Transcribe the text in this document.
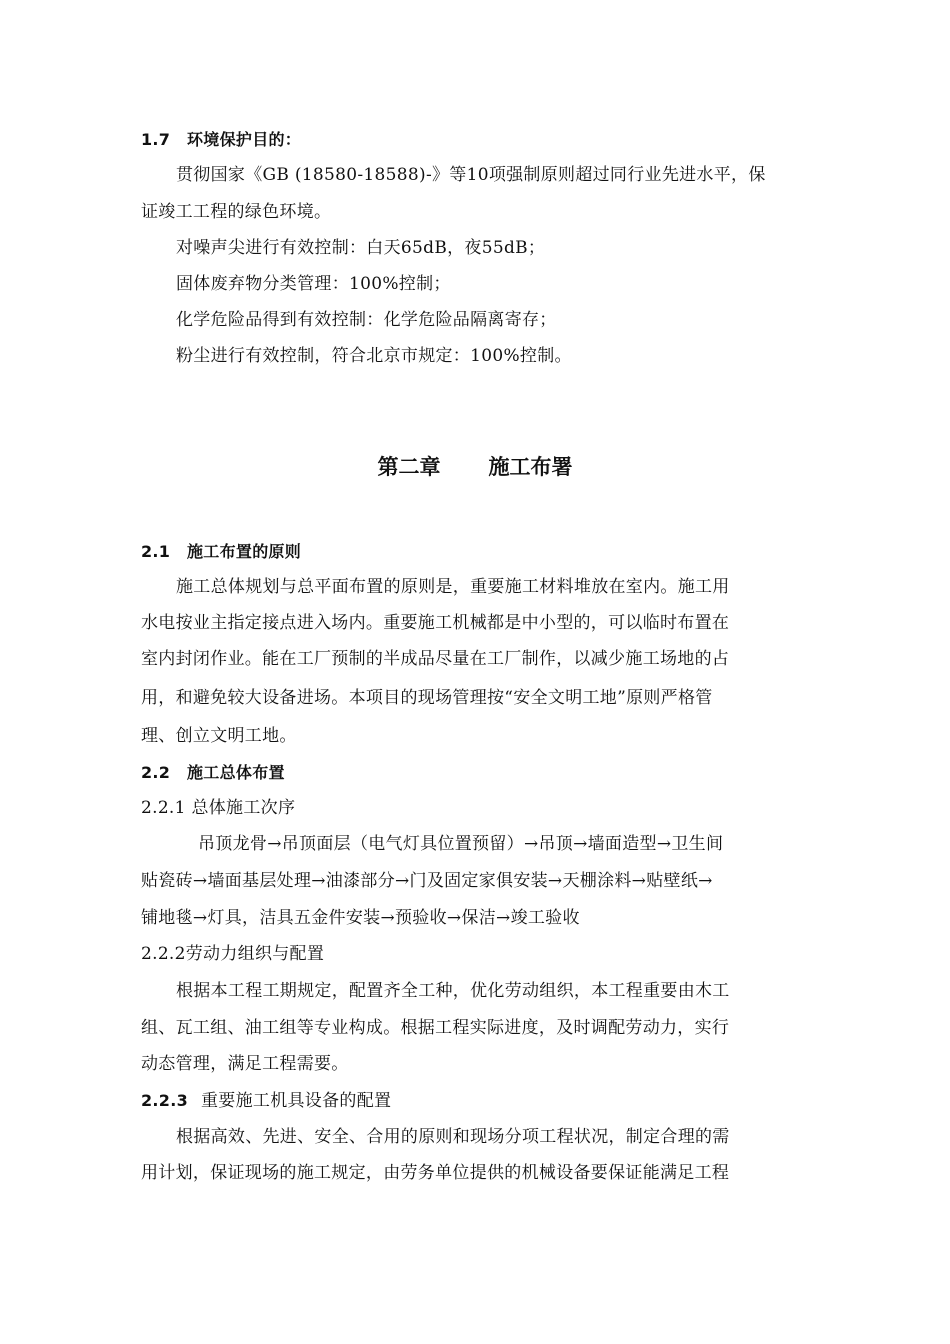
1.7 环境保护目的：
贯彻国家《GB (18580-18588)-》等10项强制原则超过同行业先进水平，保
证竣工工程的绿色环境。
对噪声尖进行有效控制：白天65dB，夜55dB；
固体废弃物分类管理：100%控制；
化学危险品得到有效控制：化学危险品隔离寄存；
粉尘进行有效控制，符合北京市规定：100%控制。
第二章 施工布署
2.1 施工布置的原则
施工总体规划与总平面布置的原则是，重要施工材料堆放在室内。施工用
水电按业主指定接点进入场内。重要施工机械都是中小型的，可以临时布置在
室内封闭作业。能在工厂预制的半成品尽量在工厂制作，以减少施工场地的占
用，和避免较大设备进场。本项目的现场管理按“安全文明工地”原则严格管
理、创立文明工地。
2.2 施工总体布置
2.2.1 总体施工次序
吊顶龙骨→吊顶面层（电气灯具位置预留）→吊顶→墙面造型→卫生间
贴瓷砖→墙面基层处理→油漆部分→门及固定家俱安装→天棚涂料→贴壁纸→
铺地毯→灯具，洁具五金件安装→预验收→保洁→竣工验收
2.2.2劳动力组织与配置
根据本工程工期规定，配置齐全工种，优化劳动组织，本工程重要由木工
组、瓦工组、油工组等专业构成。根据工程实际进度，及时调配劳动力，实行
动态管理，满足工程需要。
2.2.3 重要施工机具设备的配置
根据高效、先进、安全、合用的原则和现场分项工程状况，制定合理的需
用计划，保证现场的施工规定，由劳务单位提供的机械设备要保证能满足工程
